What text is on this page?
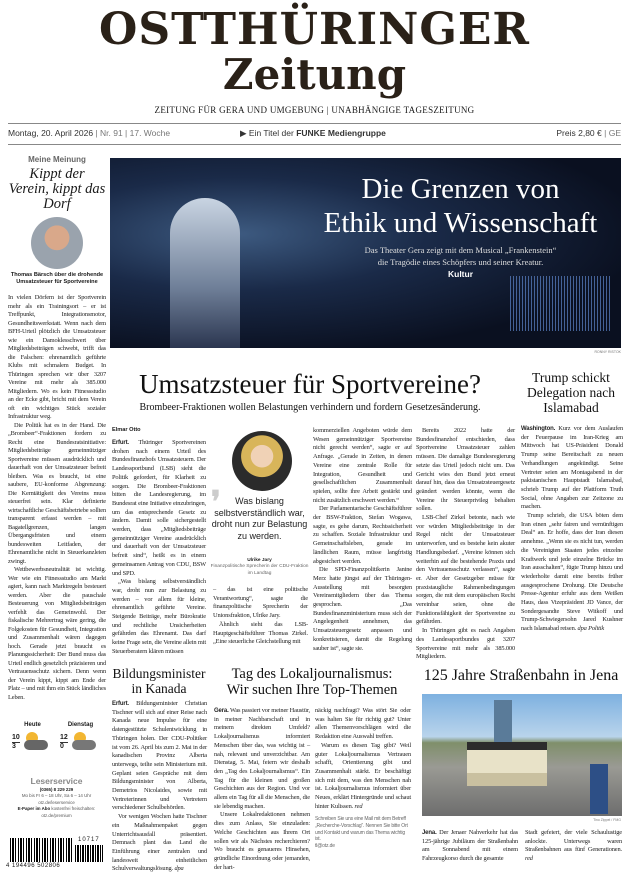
OSTTHÜRINGER
Zeitung
ZEITUNG FÜR GERA UND UMGEBUNG | UNABHÄNGIGE TAGESZEITUNG
Montag, 20. April 2026 | Nr. 91 | 17. Woche	▶ Ein Titel der FUNKE Mediengruppe	Preis 2,80 € | GE
Meine Meinung
Kippt der Verein, kippt das Dorf
Thomas Bärsch über die drohende Umsatzsteuer für Sportvereine

In vielen Dörfern ist der Sportverein mehr als ein Trainingsort – er ist Treffpunkt, Integrationsmotor, Gesundheitswerkstatt. Wenn nach dem BFH-Urteil plötzlich die Umsatzsteuer wie ein Damoklesschwert über Mitgliedsbeiträgen schwebt, trifft das die Falschen: ehrenamtlich geführte Klubs mit schmalem Budget. In Thüringen sprechen wir über 3207 Vereine mit mehr als 385.000 Mitgliedern. Wo es kein Fitnessstudio an der Ecke gibt, bricht mit dem Verein oft ein wichtiges Stück sozialer Infrastruktur weg.

Die Politik hat es in der Hand. Die „Brombeer“-Fraktionen fordern zu Recht eine Bundesratsinitiative: Mitgliedsbeiträge gemeinnütziger Sportvereine müssen ausdrücklich und dauerhaft von der Umsatzsteuer befreit bleiben. Was es braucht, ist eine saubere, EU-konforme Abgrenzung: Die Kerntätigkeit des Vereins muss steuerfrei sein. Klar definierte wirtschaftliche Geschäftsbetriebe sollten transparent erfasst werden – mit Bagatellgrenzen, langen Übergangsfristen und einem bundesweiten Leitfaden, der Ehrenamtliche nicht in Steuerkanzleien zwingt.

Wettbewerbsneutralität ist wichtig. Wer wie ein Fitnessstudio am Markt agiert, kann nach Marktregeln besteuert werden. Aber die pauschale Besteuerung von Mitgliedsbeiträgen verfehlt das Gemeinwohl. Der fiskalische Mehrertrag wäre gering, die Folgekosten für Gesundheit, Integration und Zusammenhalt wären dagegen hoch. Gerade jetzt braucht es Planungssicherheit: Der Bund muss das Urteil endlich gesetzlich präzisieren und Vertrauensschutz sichern. Denn wenn der Verein kippt, kippt am Ende der Platz – und mit ihm ein Stück ländliches Leben.

Heute
10
3
Dienstag
12
0
Leserservice
(0365) 8 229 229
Mo bis Fr 6 – 18 Uhr, Sa 6 – 14 Uhr
otz.de/leserservice
E-Paper im Abo kostenfrei freischalten:
otz.de/premium
10717
4 194496 502806
Die Grenzen von
Ethik und Wissenschaft
Das Theater Gera zeigt mit dem Musical „Frankenstein“
die Tragödie eines Schöpfers und seiner Kreatur.
Kultur
RONNY RISTOK
Umsatzsteuer für Sportvereine?
Brombeer-Fraktionen wollen Belastungen verhindern und fordern Gesetzesänderung.
Elmar Otto

Erfurt. Thüringer Sportvereinen drohen nach einem Urteil des Bundesfinanzhofs Umsatzsteuern. Der Landessportbund (LSB) sieht die Politik gefordert, für Klarheit zu sorgen. Die Brombeer-Fraktionen bitten die Landesregierung, im Bundesrat eine Initiative einzubringen, um das entsprechende Gesetz zu ändern. Damit solle sichergestellt werden, dass „Mitgliedsbeiträge gemeinnütziger Vereine ausdrücklich und dauerhaft von der Umsatzsteuer befreit sind“, heißt es in einem gemeinsamen Antrag von CDU, BSW und SPD.

„Was bislang selbstverständlich war, droht nun zur Belastung zu werden – vor allem für kleine, ehrenamtlich geführte Vereine. Steigende Beiträge, mehr Bürokratie und rechtliche Unsicherheiten gefährden das Ehrenamt. Das darf keine Frage sein, die Vereine allein mit Steuerberatern klären müssen

❜	Was bislang selbstverständlich war, droht nun zur Belastung zu werden.
Ulrike Jary
Finanzpolitische Sprecherin der CDU-Fraktion im Landtag

– das ist eine politische Verantwortung“, sagte die finanzpolitische Sprecherin der Unionsfraktion, Ulrike Jary.

Ähnlich sieht das LSB-Hauptgeschäftsführer Thomas Zirkel. „Eine steuerliche Gleichstellung mit

kommerziellen Angeboten würde dem Wesen gemeinnütziger Sportvereine nicht gerecht werden“, sagte er auf Anfrage. „Gerade in Zeiten, in denen Vereine eine zentrale Rolle für Integration, Gesundheit und gesellschaftlichen Zusammenhalt spielen, sollte ihre Arbeit gestärkt und nicht zusätzlich erschwert werden.“

Der Parlamentarische Geschäftsführer der BSW-Fraktion, Stefan Wogawa, sagte, es gehe darum, Rechtssicherheit zu schaffen. Soziale Infrastruktur und Gemeinschaftsleben, gerade im ländlichen Raum, müsse langfristig abgesichert werden.

Die SPD-Finanzpolitikerin Janine Merz hatte jüngst auf der Thüringen-Ausstellung mit besorgten Vereinsmitgliedern über das Thema gesprochen. „Das Bundesfinanzministerium muss sich der Angelegenheit annehmen, das Umsatzsteuergesetz anpassen und konkretisieren, damit die Regelung sauber ist“, sagte sie.

Bereits 2022 hatte der Bundesfinanzhof entschieden, dass Sportvereine Umsatzsteuer zahlen müssen. Die damalige Bundesregierung setzte das Urteil jedoch nicht um. Das Gericht wies den Bund jetzt erneut darauf hin, dass das Umsatzsteuergesetz geändert werden könnte, wenn die Vereine ihr Steuerprivileg behalten sollen.

LSB-Chef Zirkel betonte, nach wie vor würden Mitgliedsbeiträge in der Regel nicht der Umsatzsteuer unterworfen, und es bestehe kein akuter Handlungsbedarf. „Vereine können sich weiterhin auf die bestehende Praxis und den Vertrauensschutz verlassen“, sagte er. Aber der Gesetzgeber müsse für praxistaugliche Rahmenbedingungen sorgen, die mit dem europäischen Recht vereinbar seien, ohne die Funktionsfähigkeit der Sportvereine zu gefährden.

In Thüringen gibt es nach Angaben des Landessportbundes gut 3207 Sportvereine mit mehr als 385.000 Mitgliedern.

Trump schickt Delegation nach Islamabad

Washington. Kurz vor dem Auslaufen der Feuerpause im Iran-Krieg am Mittwoch hat US-Präsident Donald Trump seine Bereitschaft zu neuen Verhandlungen angekündigt. Seine Vertreter seien am Montagabend in der pakistanischen Hauptstadt Islamabad, schrieb Trump auf der Plattform Truth Social, ohne Angaben zur Zeitzone zu machen.

Trump schrieb, die USA böten dem Iran einen „sehr fairen und vernünftigen Deal“ an. Er hoffe, dass der Iran diesen annehme. „Wenn sie es nicht tun, werden die Vereinigten Staaten jedes einzelne Kraftwerk und jede einzelne Brücke im Iran ausschalten“, fügte Trump hinzu und wiederholte damit eine bereits früher ausgesprochene Drohung. Die Deutsche Presse-Agentur erfuhr aus dem Weißen Haus, dass Vizepräsident JD Vance, der Sondergesandte Steve Witkoff und Trump-Schwiegersohn Jared Kushner nach Islamabad reisen. dpa Politik

Bildungsminister in Kanada

Erfurt. Bildungsminister Christian Tischner will sich auf einer Reise nach Kanada neue Impulse für eine datengestützte Schulentwicklung in Thüringen holen. Der CDU-Politiker ist vom 26. April bis zum 2. Mai in der kanadischen Provinz Alberta unterwegs, teilte sein Ministerium mit. Geplant seien Gespräche mit dem Bildungsminister von Alberta, Demetrios Nicolaides, sowie mit Vertreterinnen und Vertretern verschiedener Schulbehörden.

Vor wenigen Wochen hatte Tischner ein Maßnahmenpaket gegen Unterrichtsausfall präsentiert. Demnach plant das Land die Einführung einer zentralen und landesweit einheitlichen Schulverwaltungslösung. dpa

Tag des Lokaljournalismus:
Wir suchen Ihre Top-Themen

Gera. Was passiert vor meiner Haustür, in meiner Nachbarschaft und in meinem direkten Umfeld? Lokaljournalismus informiert Menschen über das, was wichtig ist – nah, relevant und unverzichtbar. Am Dienstag, 5. Mai, feiern wir deshalb den „Tag des Lokaljournalismus“. Ein Tag für die kleinen und großen Geschichten aus der Region. Und vor allem ein Tag für all die Menschen, die sie lebendig machen.

Unsere Lokalredaktionen nehmen dies zum Anlass, Sie einzuladen: Welche Geschichten aus Ihrem Ort sollen wir als Nächstes recherchieren? Wo braucht es genaueres Hinsehen, gründliche Einordnung oder jemanden, der hart-

näckig nachfragt? Was stört Sie oder was halten Sie für richtig gut? Unter allen Themenvorschlägen wird die Redaktion eine Auswahl treffen.

Warum es diesen Tag gibt? Weil guter Lokaljournalismus Vertrauen schafft, Orientierung gibt und Zusammenhalt stärkt. Er beschäftigt sich mit dem, was den Menschen nah ist. Lokaljournalismus informiert über Neues, erklärt Hintergründe und schaut hinter Kulissen. red

Schreiben Sie uns eine Mail mit dem Betreff „Recherche-Vorschlag“. Nennen Sie bitte Ort und Kontakt und warum das Thema wichtig ist.
tl@otz.de
125 Jahre Straßenbahn in Jena
Tino Zippel / FMG

Jena. Der Jenaer Nahverkehr hat das 125-jährige Jubiläum der Straßenbahn am Sonnabend mit einem Fahrzeugkorso durch die gesamte

Stadt gefeiert, der viele Schaulustige anlockte. Unterwegs waren Straßenbahnen aus fünf Generationen. red
